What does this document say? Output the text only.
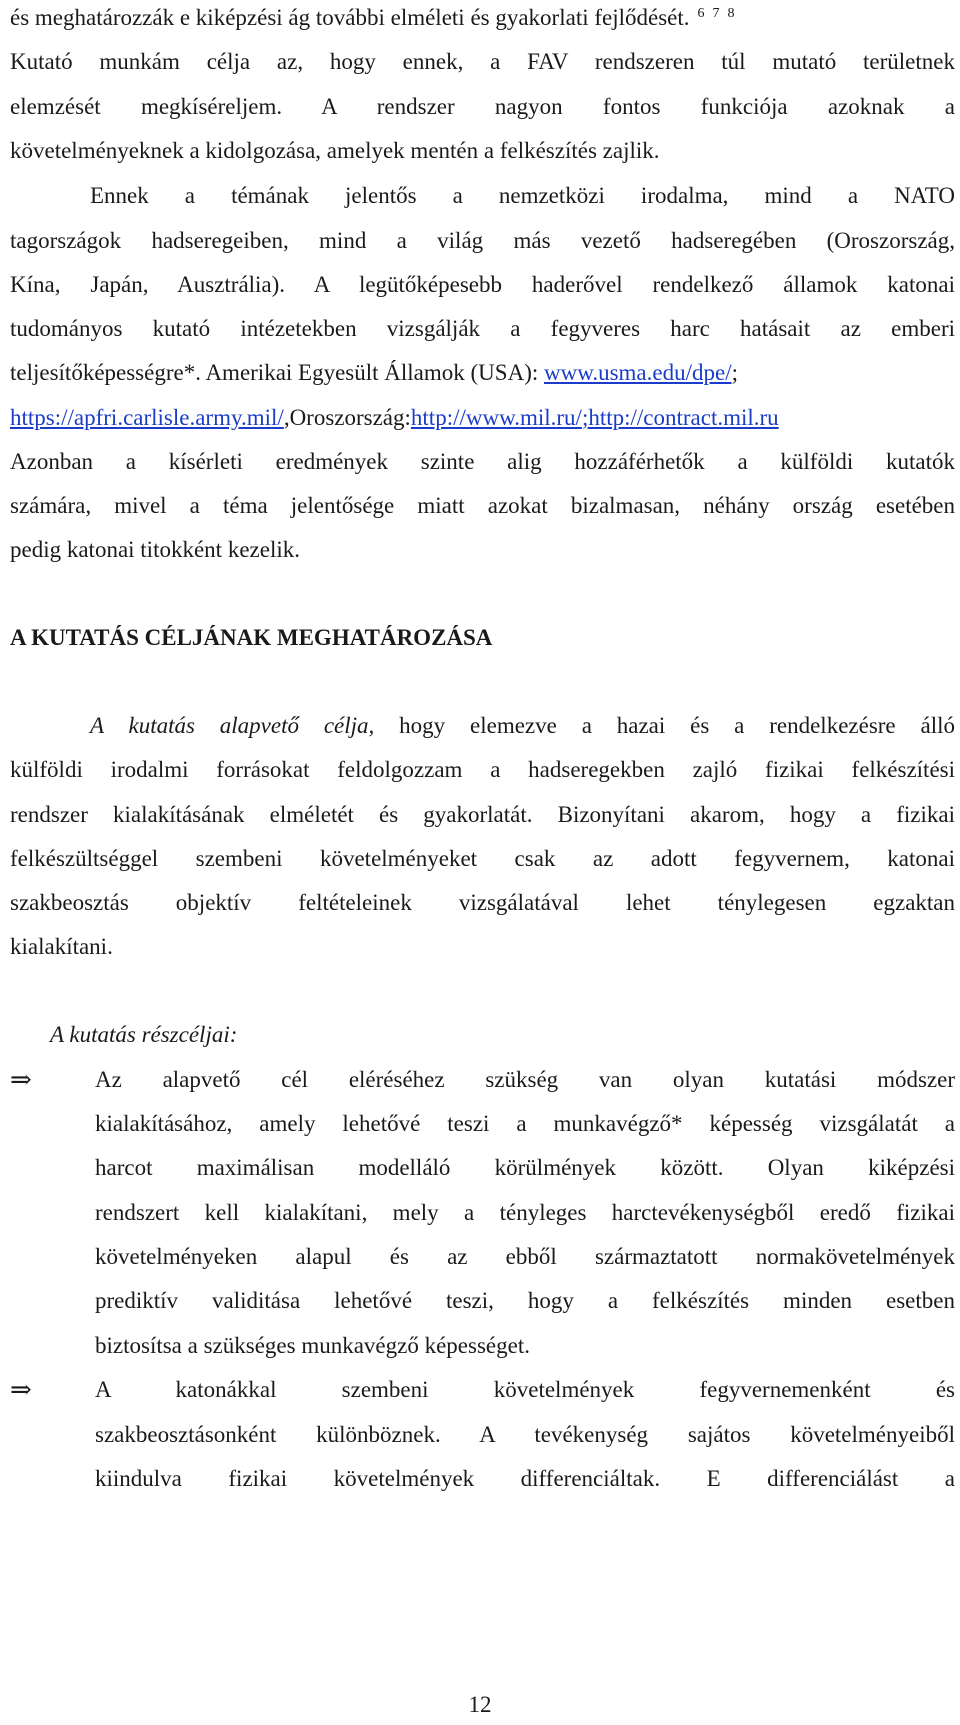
és meghatározzák e kiképzési ág további elméleti és gyakorlati fejlődését. $^6$ $^7$ $^8$
Kutató munkám célja az, hogy ennek, a FAV rendszeren túl mutató területnek
elemzését megkíséreljem. A rendszer nagyon fontos funkciója azoknak a
követelményeknek a kidolgozása, amelyek mentén a felkészítés zajlik.
Ennek a témának jelentős a nemzetközi irodalma, mind a NATO
tagországok hadseregeiben, mind a világ más vezető hadseregében (Oroszország,
Kína, Japán, Ausztrália). A legütőképesebb haderővel rendelkező államok katonai
tudományos kutató intézetekben vizsgálják a fegyveres harc hatásait az emberi
teljesítőképességre*. Amerikai Egyesült Államok (USA): www.usma.edu/dpe/;
https://apfri.carlisle.army.mil/,Oroszország:http://www.mil.ru/;http://contract.mil.ru
Azonban a kísérleti eredmények szinte alig hozzáférhetők a külföldi kutatók
számára, mivel a téma jelentősége miatt azokat bizalmasan, néhány ország esetében
pedig katonai titokként kezelik.
A KUTATÁS CÉLJÁNAK MEGHATÁROZÁSA
A kutatás alapvető célja, hogy elemezve a hazai és a rendelkezésre álló
külföldi irodalmi forrásokat feldolgozzam a hadseregekben zajló fizikai felkészítési
rendszer kialakításának elméletét és gyakorlatát. Bizonyítani akarom, hogy a fizikai
felkészültséggel szembeni követelményeket csak az adott fegyvernem, katonai
szakbeosztás objektív feltételeinek vizsgálatával lehet ténylegesen egzaktan
kialakítani.
A kutatás részcéljai:
⇒	Az alapvető cél eléréséhez szükség van olyan kutatási módszer
kialakításához, amely lehetővé teszi a munkavégző* képesség vizsgálatát a
harcot maximálisan modelláló körülmények között. Olyan kiképzési
rendszert kell kialakítani, mely a tényleges harctevékenységből eredő fizikai
követelményeken alapul és az ebből származtatott normakövetelmények
prediktív validitása lehetővé teszi, hogy a felkészítés minden esetben
biztosítsa a szükséges munkavégző képességet.
⇒	A katonákkal szembeni követelmények fegyvernemenként és
szakbeosztásonként különböznek. A tevékenység sajátos követelményeiből
kiindulva fizikai követelmények differenciáltak. E differenciálást a
12
